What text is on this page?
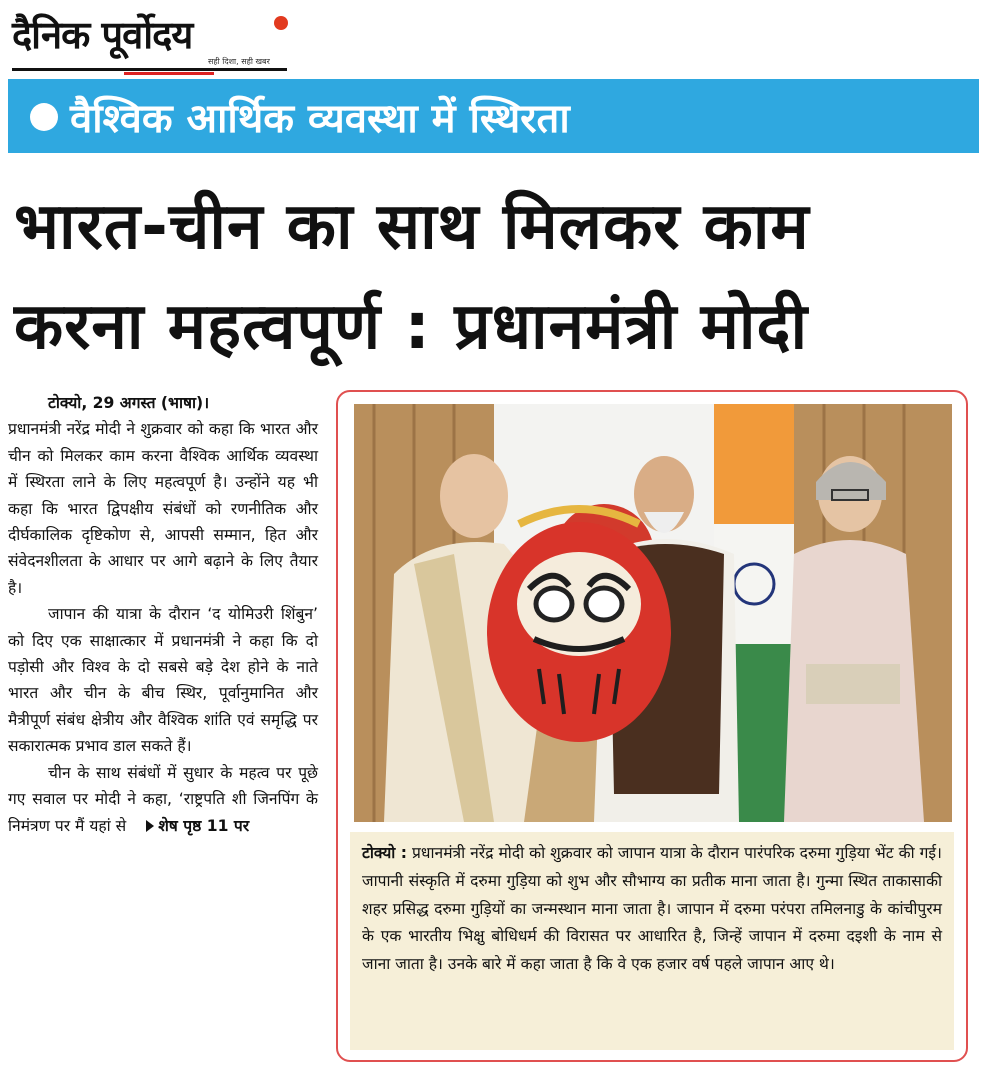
दैनिक पूर्वोदय
सही दिशा, सही खबर
वैश्विक आर्थिक व्यवस्था में स्थिरता
भारत-चीन का साथ मिलकर काम
करना महत्वपूर्ण : प्रधानमंत्री मोदी

टोक्यो, 29 अगस्त (भाषा)।

प्रधानमंत्री नरेंद्र मोदी ने शुक्रवार को कहा कि भारत और चीन को मिलकर काम करना वैश्विक आर्थिक व्यवस्था में स्थिरता लाने के लिए महत्वपूर्ण है। उन्होंने यह भी कहा कि भारत द्विपक्षीय संबंधों को रणनीतिक और दीर्घकालिक दृष्टिकोण से, आपसी सम्मान, हित और संवेदनशीलता के आधार पर आगे बढ़ाने के लिए तैयार है।

जापान की यात्रा के दौरान ‘द योमिउरी शिंबुन’ को दिए एक साक्षात्कार में प्रधानमंत्री ने कहा कि दो पड़ोसी और विश्व के दो सबसे बड़े देश होने के नाते भारत और चीन के बीच स्थिर, पूर्वानुमानित और मैत्रीपूर्ण संबंध क्षेत्रीय और वैश्विक शांति एवं समृद्धि पर सकारात्मक प्रभाव डाल सकते हैं।

चीन के साथ संबंधों में सुधार के महत्व पर पूछे गए सवाल पर मोदी ने कहा, ‘राष्ट्रपति शी जिनपिंग के निमंत्रण पर मैं यहां से शेष पृष्ठ 11 पर

टोक्यो : प्रधानमंत्री नरेंद्र मोदी को शुक्रवार को जापान यात्रा के दौरान पारंपरिक दरुमा गुड़िया भेंट की गई। जापानी संस्कृति में दरुमा गुड़िया को शुभ और सौभाग्य का प्रतीक माना जाता है। गुन्मा स्थित ताकासाकी शहर प्रसिद्ध दरुमा गुड़ियों का जन्मस्थान माना जाता है। जापान में दरुमा परंपरा तमिलनाडु के कांचीपुरम के एक भारतीय भिक्षु बोधिधर्म की विरासत पर आधारित है, जिन्हें जापान में दरुमा दइशी के नाम से जाना जाता है। उनके बारे में कहा जाता है कि वे एक हजार वर्ष पहले जापान आए थे।
